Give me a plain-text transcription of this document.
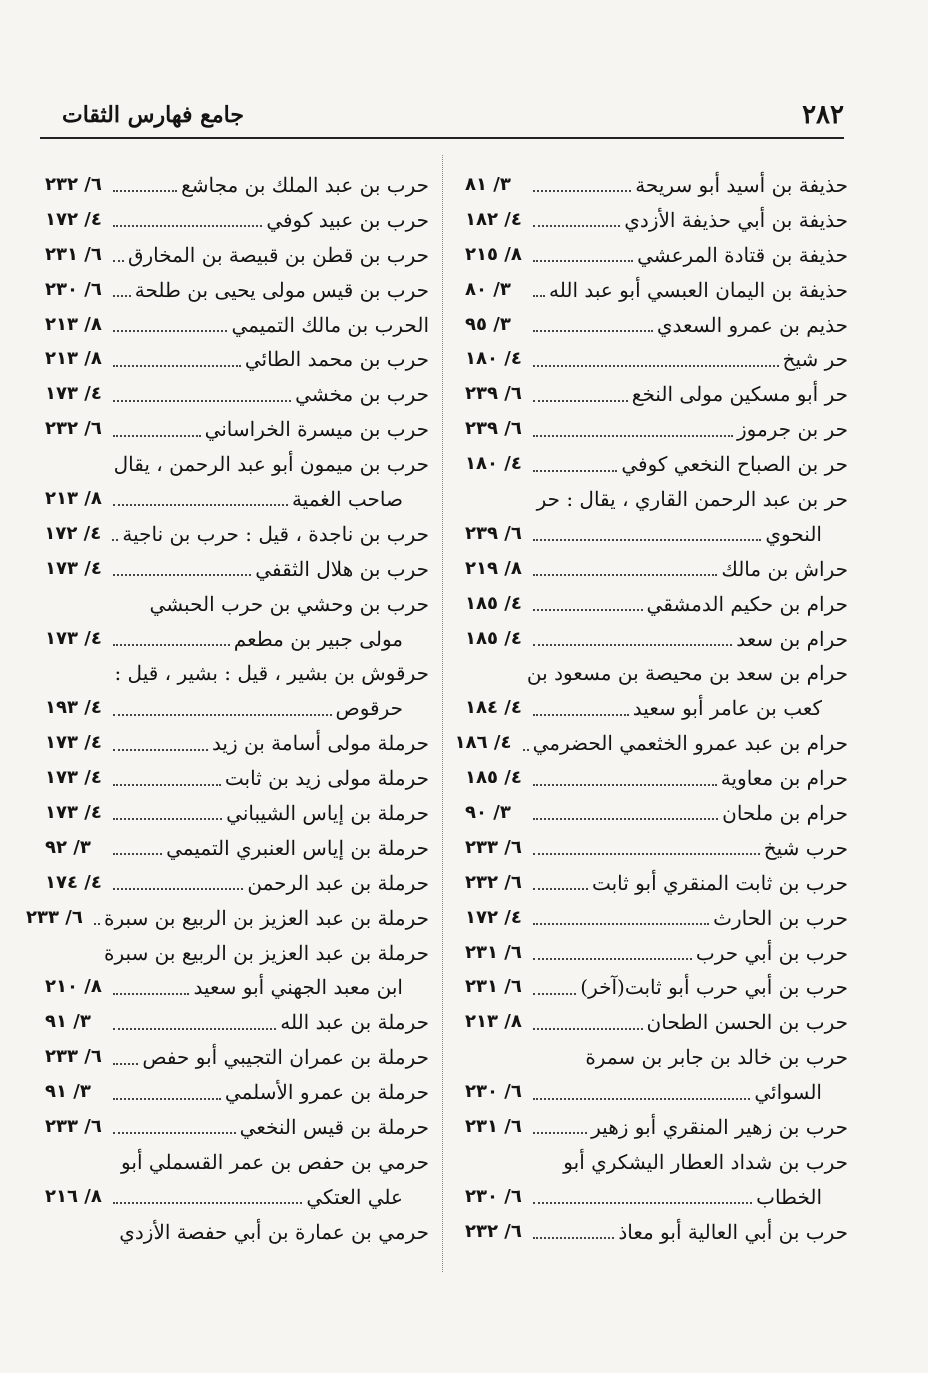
٢٨٢
جامع فهارس الثقات
حذيفة بن أسيد أبو سريحة
٣/ ٨١
حذيفة بن أبي حذيفة الأزدي
٤/ ١٨٢
حذيفة بن قتادة المرعشي
٨/ ٢١٥
حذيفة بن اليمان العبسي أبو عبد الله
٣/ ٨٠
حذيم بن عمرو السعدي
٣/ ٩٥
حر شيخ
٤/ ١٨٠
حر أبو مسكين مولى النخع
٦/ ٢٣٩
حر بن جرموز
٦/ ٢٣٩
حر بن الصباح النخعي كوفي
٤/ ١٨٠
حر بن عبد الرحمن القاري ، يقال : حر
النحوي
٦/ ٢٣٩
حراش بن مالك
٨/ ٢١٩
حرام بن حكيم الدمشقي
٤/ ١٨٥
حرام بن سعد
٤/ ١٨٥
حرام بن سعد بن محيصة بن مسعود بن
كعب بن عامر أبو سعيد
٤/ ١٨٤
حرام بن عبد عمرو الخثعمي الحضرمي
٤/ ١٨٦
حرام بن معاوية
٤/ ١٨٥
حرام بن ملحان
٣/ ٩٠
حرب شيخ
٦/ ٢٣٣
حرب بن ثابت المنقري أبو ثابت
٦/ ٢٣٢
حرب بن الحارث
٤/ ١٧٢
حرب بن أبي حرب
٦/ ٢٣١
حرب بن أبي حرب أبو ثابت(آخر)
٦/ ٢٣١
حرب بن الحسن الطحان
٨/ ٢١٣
حرب بن خالد بن جابر بن سمرة
السوائي
٦/ ٢٣٠
حرب بن زهير المنقري أبو زهير
٦/ ٢٣١
حرب بن شداد العطار اليشكري أبو
الخطاب
٦/ ٢٣٠
حرب بن أبي العالية أبو معاذ
٦/ ٢٣٢
حرب بن عبد الملك بن مجاشع
٦/ ٢٣٢
حرب بن عبيد كوفي
٤/ ١٧٢
حرب بن قطن بن قبيصة بن المخارق
٦/ ٢٣١
حرب بن قيس مولى يحيى بن طلحة
٦/ ٢٣٠
الحرب بن مالك التميمي
٨/ ٢١٣
حرب بن محمد الطائي
٨/ ٢١٣
حرب بن مخشي
٤/ ١٧٣
حرب بن ميسرة الخراساني
٦/ ٢٣٢
حرب بن ميمون أبو عبد الرحمن ، يقال
صاحب الغمية
٨/ ٢١٣
حرب بن ناجدة ، قيل : حرب بن ناجية
٤/ ١٧٢
حرب بن هلال الثقفي
٤/ ١٧٣
حرب بن وحشي بن حرب الحبشي
مولى جبير بن مطعم
٤/ ١٧٣
حرقوش بن بشير ، قيل : بشير ، قيل :
حرقوص
٤/ ١٩٣
حرملة مولى أسامة بن زيد
٤/ ١٧٣
حرملة مولى زيد بن ثابت
٤/ ١٧٣
حرملة بن إياس الشيباني
٤/ ١٧٣
حرملة بن إياس العنبري التميمي
٣/ ٩٢
حرملة بن عبد الرحمن
٤/ ١٧٤
حرملة بن عبد العزيز بن الربيع بن سبرة
٦/ ٢٣٣
حرملة بن عبد العزيز بن الربيع بن سبرة
ابن معبد الجهني أبو سعيد
٨/ ٢١٠
حرملة بن عبد الله
٣/ ٩١
حرملة بن عمران التجيبي أبو حفص
٦/ ٢٣٣
حرملة بن عمرو الأسلمي
٣/ ٩١
حرملة بن قيس النخعي
٦/ ٢٣٣
حرمي بن حفص بن عمر القسملي أبو
علي العتكي
٨/ ٢١٦
حرمي بن عمارة بن أبي حفصة الأزدي
